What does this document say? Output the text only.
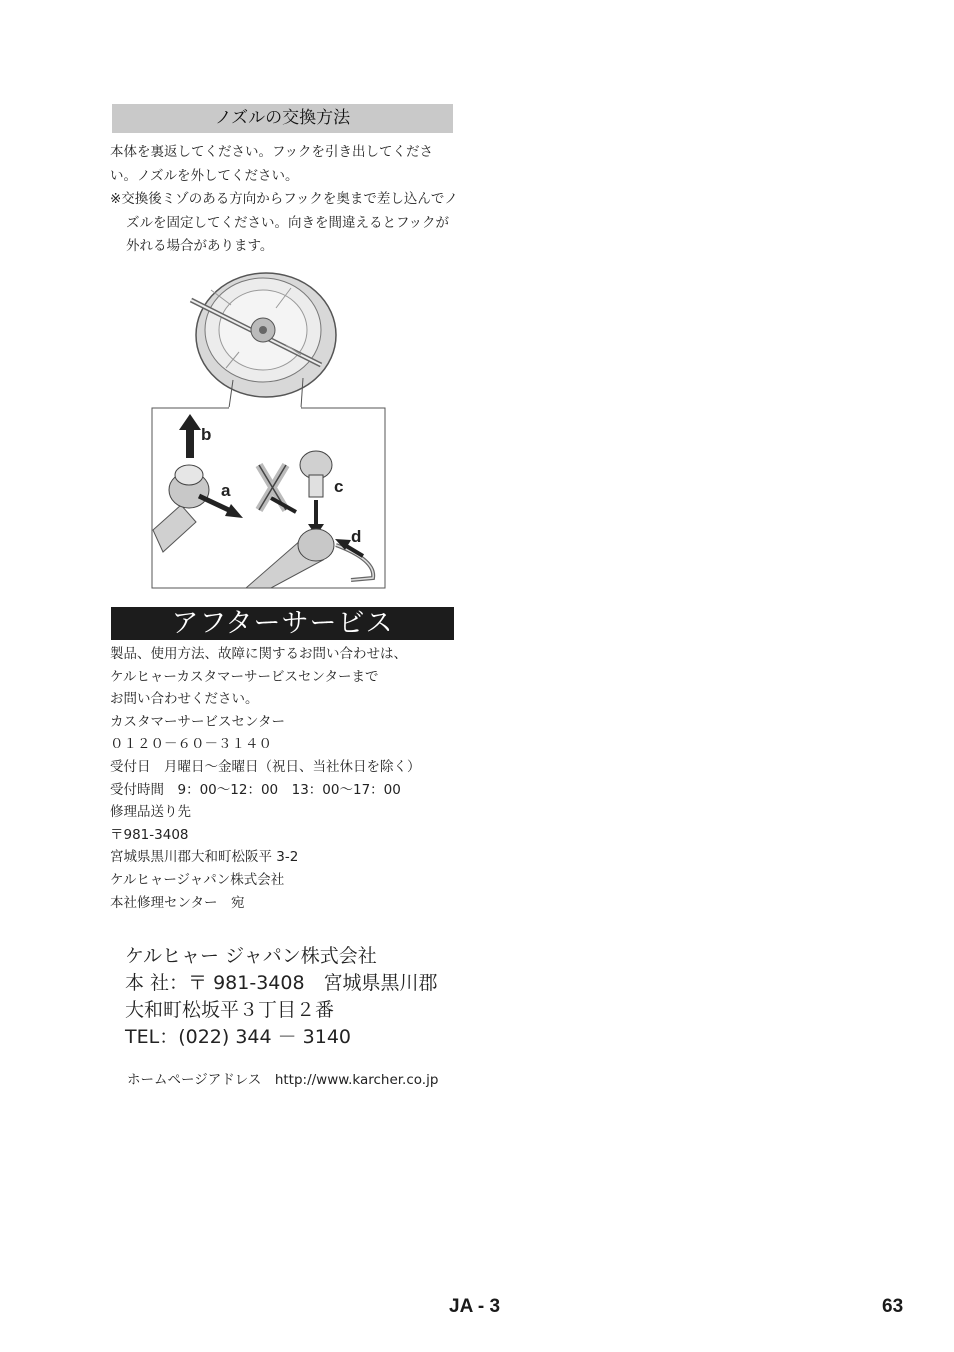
ノズルの交換方法

本体を裏返してください。フックを引き出してください。ノズルを外してください。

※交換後ミゾのある方向からフックを奥まで差し込んでノズルを固定してください。向きを間違えるとフックが外れる場合があります。

b
a	c
d
アフターサービス
製品、使用方法、故障に関するお問い合わせは、
ケルヒャーカスタマーサービスセンターまで
お問い合わせください。
カスタマーサービスセンター
０１２０－６０－３１４０
受付日　月曜日～金曜日（祝日、当社休日を除く）
受付時間　9：00～12：00　13：00～17：00
修理品送り先
〒981-3408
宮城県黒川郡大和町松阪平 3-2
ケルヒャージャパン株式会社
本社修理センター　宛
ケルヒャー ジャパン株式会社
本 社：〒 981-3408　宮城県黒川郡
大和町松坂平３丁目２番
TEL：(022) 344 － 3140
ホームページアドレス　http://www.karcher.co.jp
JA - 3	63
